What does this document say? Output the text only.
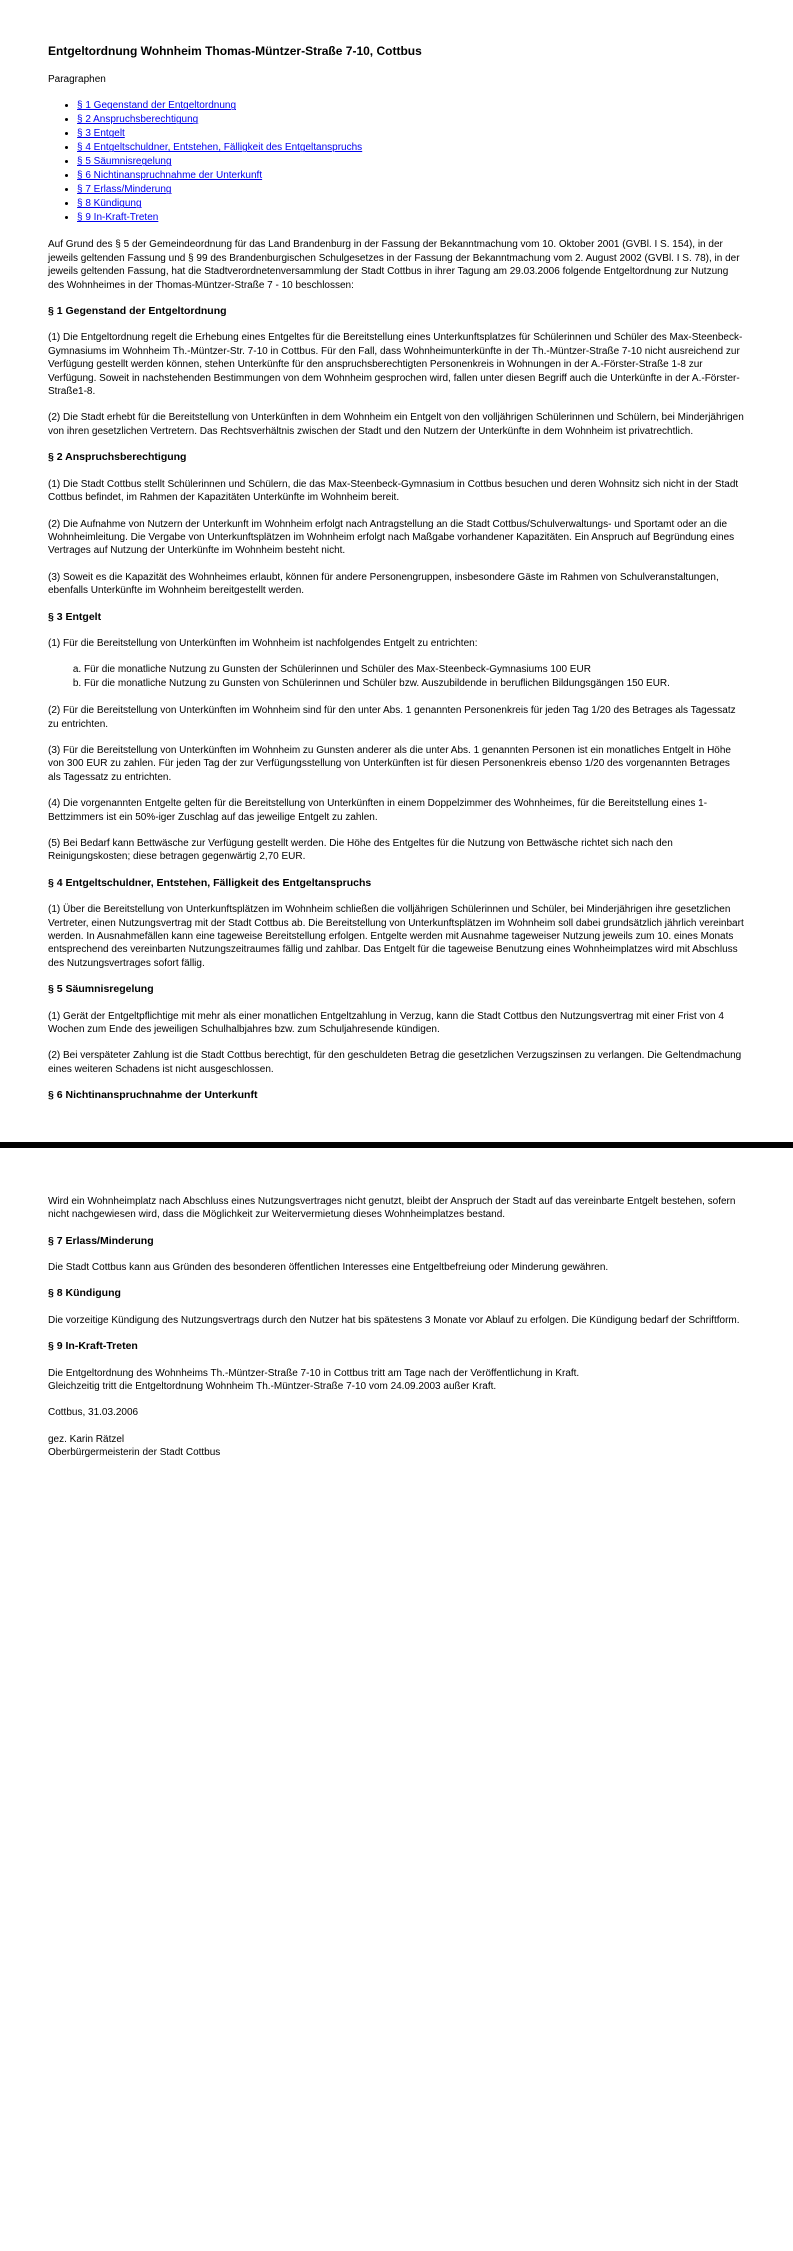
Entgeltordnung Wohnheim Thomas-Müntzer-Straße 7-10, Cottbus
Paragraphen
• § 1 Gegenstand der Entgeltordnung
• § 2 Anspruchsberechtigung
• § 3 Entgelt
• § 4 Entgeltschuldner, Entstehen, Fälligkeit des Entgeltanspruchs
• § 5 Säumnisregelung
• § 6 Nichtinanspruchnahme der Unterkunft
• § 7 Erlass/Minderung
• § 8 Kündigung
• § 9 In-Kraft-Treten

Auf Grund des § 5 der Gemeindeordnung für das Land Brandenburg in der Fassung der Bekanntmachung vom 10. Oktober 2001 (GVBl. I S. 154), in der jeweils geltenden Fassung und § 99 des Brandenburgischen Schulgesetzes in der Fassung der Bekanntmachung vom 2. August 2002 (GVBl. I S. 78), in der jeweils geltenden Fassung, hat die Stadtverordnetenversammlung der Stadt Cottbus in ihrer Tagung am 29.03.2006 folgende Entgeltordnung zur Nutzung des Wohnheimes in der Thomas-Müntzer-Straße 7 - 10 beschlossen:

§ 1 Gegenstand der Entgeltordnung

(1) Die Entgeltordnung regelt die Erhebung eines Entgeltes für die Bereitstellung eines Unterkunftsplatzes für Schülerinnen und Schüler des Max-Steenbeck-Gymnasiums im Wohnheim Th.-Müntzer-Str. 7-10 in Cottbus. Für den Fall, dass Wohnheimunterkünfte in der Th.-Müntzer-Straße 7-10 nicht ausreichend zur Verfügung gestellt werden können, stehen Unterkünfte für den anspruchsberechtigten Personenkreis in Wohnungen in der A.-Förster-Straße 1-8 zur Verfügung. Soweit in nachstehenden Bestimmungen von dem Wohnheim gesprochen wird, fallen unter diesen Begriff auch die Unterkünfte in der A.-Förster-Straße1-8.

(2) Die Stadt erhebt für die Bereitstellung von Unterkünften in dem Wohnheim ein Entgelt von den volljährigen Schülerinnen und Schülern, bei Minderjährigen von ihren gesetzlichen Vertretern. Das Rechtsverhältnis zwischen der Stadt und den Nutzern der Unterkünfte in dem Wohnheim ist privatrechtlich.

§ 2 Anspruchsberechtigung

(1) Die Stadt Cottbus stellt Schülerinnen und Schülern, die das Max-Steenbeck-Gymnasium in Cottbus besuchen und deren Wohnsitz sich nicht in der Stadt Cottbus befindet, im Rahmen der Kapazitäten Unterkünfte im Wohnheim bereit.

(2) Die Aufnahme von Nutzern der Unterkunft im Wohnheim erfolgt nach Antragstellung an die Stadt Cottbus/Schulverwaltungs- und Sportamt oder an die Wohnheimleitung. Die Vergabe von Unterkunftsplätzen im Wohnheim erfolgt nach Maßgabe vorhandener Kapazitäten. Ein Anspruch auf Begründung eines Vertrages auf Nutzung der Unterkünfte im Wohnheim besteht nicht.

(3) Soweit es die Kapazität des Wohnheimes erlaubt, können für andere Personengruppen, insbesondere Gäste im Rahmen von Schulveranstaltungen, ebenfalls Unterkünfte im Wohnheim bereitgestellt werden.

§ 3 Entgelt

(1) Für die Bereitstellung von Unterkünften im Wohnheim ist nachfolgendes Entgelt zu entrichten:

a. Für die monatliche Nutzung zu Gunsten der Schülerinnen und Schüler des Max-Steenbeck-Gymnasiums 100 EUR
b. Für die monatliche Nutzung zu Gunsten von Schülerinnen und Schüler bzw. Auszubildende in beruflichen Bildungsgängen 150 EUR.

(2) Für die Bereitstellung von Unterkünften im Wohnheim sind für den unter Abs. 1 genannten Personenkreis für jeden Tag 1/20 des Betrages als Tagessatz zu entrichten.

(3) Für die Bereitstellung von Unterkünften im Wohnheim zu Gunsten anderer als die unter Abs. 1 genannten Personen ist ein monatliches Entgelt in Höhe von 300 EUR zu zahlen. Für jeden Tag der zur Verfügungsstellung von Unterkünften ist für diesen Personenkreis ebenso 1/20 des vorgenannten Betrages als Tagessatz zu entrichten.

(4) Die vorgenannten Entgelte gelten für die Bereitstellung von Unterkünften in einem Doppelzimmer des Wohnheimes, für die Bereitstellung eines 1-Bettzimmers ist ein 50%-iger Zuschlag auf das jeweilige Entgelt zu zahlen.

(5) Bei Bedarf kann Bettwäsche zur Verfügung gestellt werden. Die Höhe des Entgeltes für die Nutzung von Bettwäsche richtet sich nach den Reinigungskosten; diese betragen gegenwärtig 2,70 EUR.

§ 4 Entgeltschuldner, Entstehen, Fälligkeit des Entgeltanspruchs

(1) Über die Bereitstellung von Unterkunftsplätzen im Wohnheim schließen die volljährigen Schülerinnen und Schüler, bei Minderjährigen ihre gesetzlichen Vertreter, einen Nutzungsvertrag mit der Stadt Cottbus ab. Die Bereitstellung von Unterkunftsplätzen im Wohnheim soll dabei grundsätzlich jährlich vereinbart werden. In Ausnahmefällen kann eine tageweise Bereitstellung erfolgen. Entgelte werden mit Ausnahme tageweiser Nutzung jeweils zum 10. eines Monats entsprechend des vereinbarten Nutzungszeitraumes fällig und zahlbar. Das Entgelt für die tageweise Benutzung eines Wohnheimplatzes wird mit Abschluss des Nutzungsvertrages sofort fällig.

§ 5 Säumnisregelung

(1) Gerät der Entgeltpflichtige mit mehr als einer monatlichen Entgeltzahlung in Verzug, kann die Stadt Cottbus den Nutzungsvertrag mit einer Frist von 4 Wochen zum Ende des jeweiligen Schulhalbjahres bzw. zum Schuljahresende kündigen.

(2) Bei verspäteter Zahlung ist die Stadt Cottbus berechtigt, für den geschuldeten Betrag die gesetzlichen Verzugszinsen zu verlangen. Die Geltendmachung eines weiteren Schadens ist nicht ausgeschlossen.

§ 6 Nichtinanspruchnahme der Unterkunft

Wird ein Wohnheimplatz nach Abschluss eines Nutzungsvertrages nicht genutzt, bleibt der Anspruch der Stadt auf das vereinbarte Entgelt bestehen, sofern nicht nachgewiesen wird, dass die Möglichkeit zur Weitervermietung dieses Wohnheimplatzes bestand.

§ 7 Erlass/Minderung

Die Stadt Cottbus kann aus Gründen des besonderen öffentlichen Interesses eine Entgeltbefreiung oder Minderung gewähren.

§ 8 Kündigung

Die vorzeitige Kündigung des Nutzungsvertrags durch den Nutzer hat bis spätestens 3 Monate vor Ablauf zu erfolgen. Die Kündigung bedarf der Schriftform.

§ 9 In-Kraft-Treten

Die Entgeltordnung des Wohnheims Th.-Müntzer-Straße 7-10 in Cottbus tritt am Tage nach der Veröffentlichung in Kraft.
Gleichzeitig tritt die Entgeltordnung Wohnheim Th.-Müntzer-Straße 7-10 vom 24.09.2003 außer Kraft.

Cottbus, 31.03.2006

gez. Karin Rätzel
Oberbürgermeisterin der Stadt Cottbus
